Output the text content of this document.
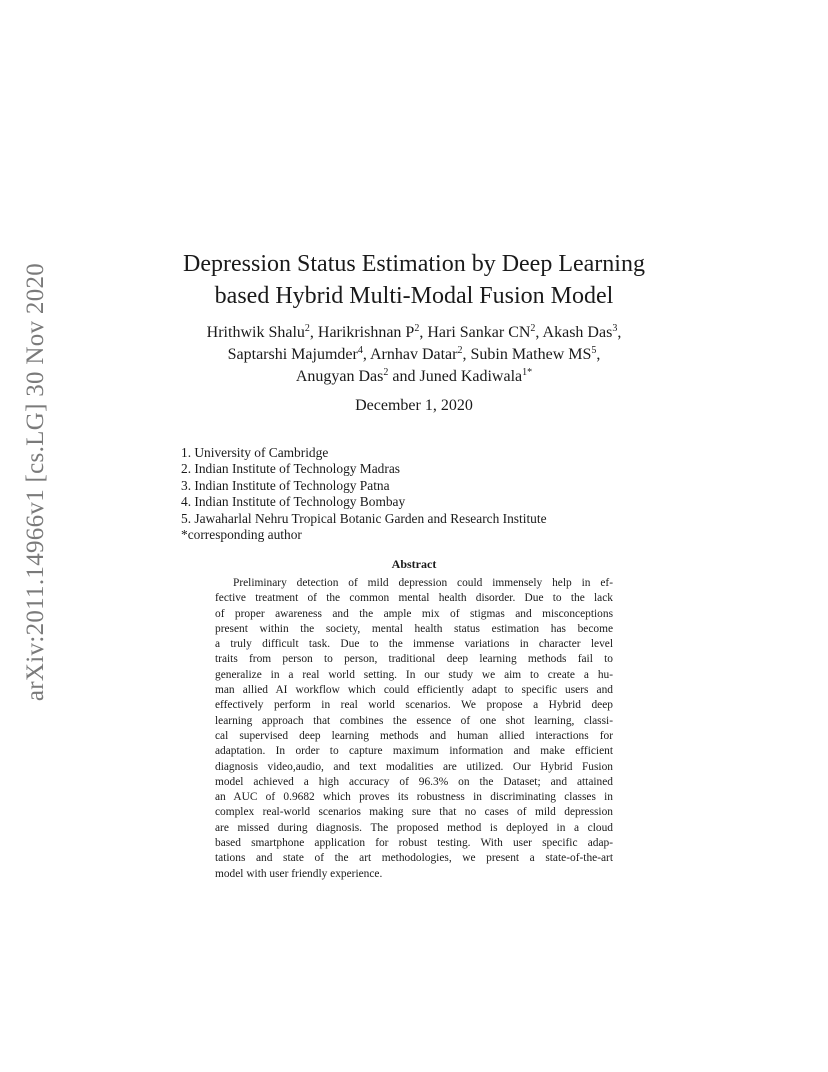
arXiv:2011.14966v1 [cs.LG] 30 Nov 2020	Depression Status Estimation by Deep Learning
based Hybrid Multi-Modal Fusion Model
Hrithwik Shalu$^2$, Harikrishnan $P^2$, Hari Sankar $CN^2$, Akash Das$^3$,
Saptarshi Majumder$^4$, Arnhav Datar$^2$, Subin Mathew $MS^5$,
Anugyan Das$^2$ and Juned Kadiwala$^{1*}$
December 1, 2020
1. University of Cambridge
2. Indian Institute of Technology Madras
3. Indian Institute of Technology Patna
4. Indian Institute of Technology Bombay
5. Jawaharlal Nehru Tropical Botanic Garden and Research Institute
*corresponding author
Abstract
Preliminary detection of mild depression could immensely help in ef-
fective treatment of the common mental health disorder. Due to the lack
of proper awareness and the ample mix of stigmas and misconceptions
present within the society, mental health status estimation has become
a truly difficult task. Due to the immense variations in character level
traits from person to person, traditional deep learning methods fail to
generalize in a real world setting. In our study we aim to create a hu-
man allied AI workflow which could efficiently adapt to specific users and
effectively perform in real world scenarios. We propose a Hybrid deep
learning approach that combines the essence of one shot learning, classi-
cal supervised deep learning methods and human allied interactions for
adaptation. In order to capture maximum information and make efficient
diagnosis video,audio, and text modalities are utilized. Our Hybrid Fusion
model achieved a high accuracy of 96.3% on the Dataset; and attained
an AUC of 0.9682 which proves its robustness in discriminating classes in
complex real-world scenarios making sure that no cases of mild depression
are missed during diagnosis. The proposed method is deployed in a cloud
based smartphone application for robust testing. With user specific adap-
tations and state of the art methodologies, we present a state-of-the-art
model with user friendly experience.
